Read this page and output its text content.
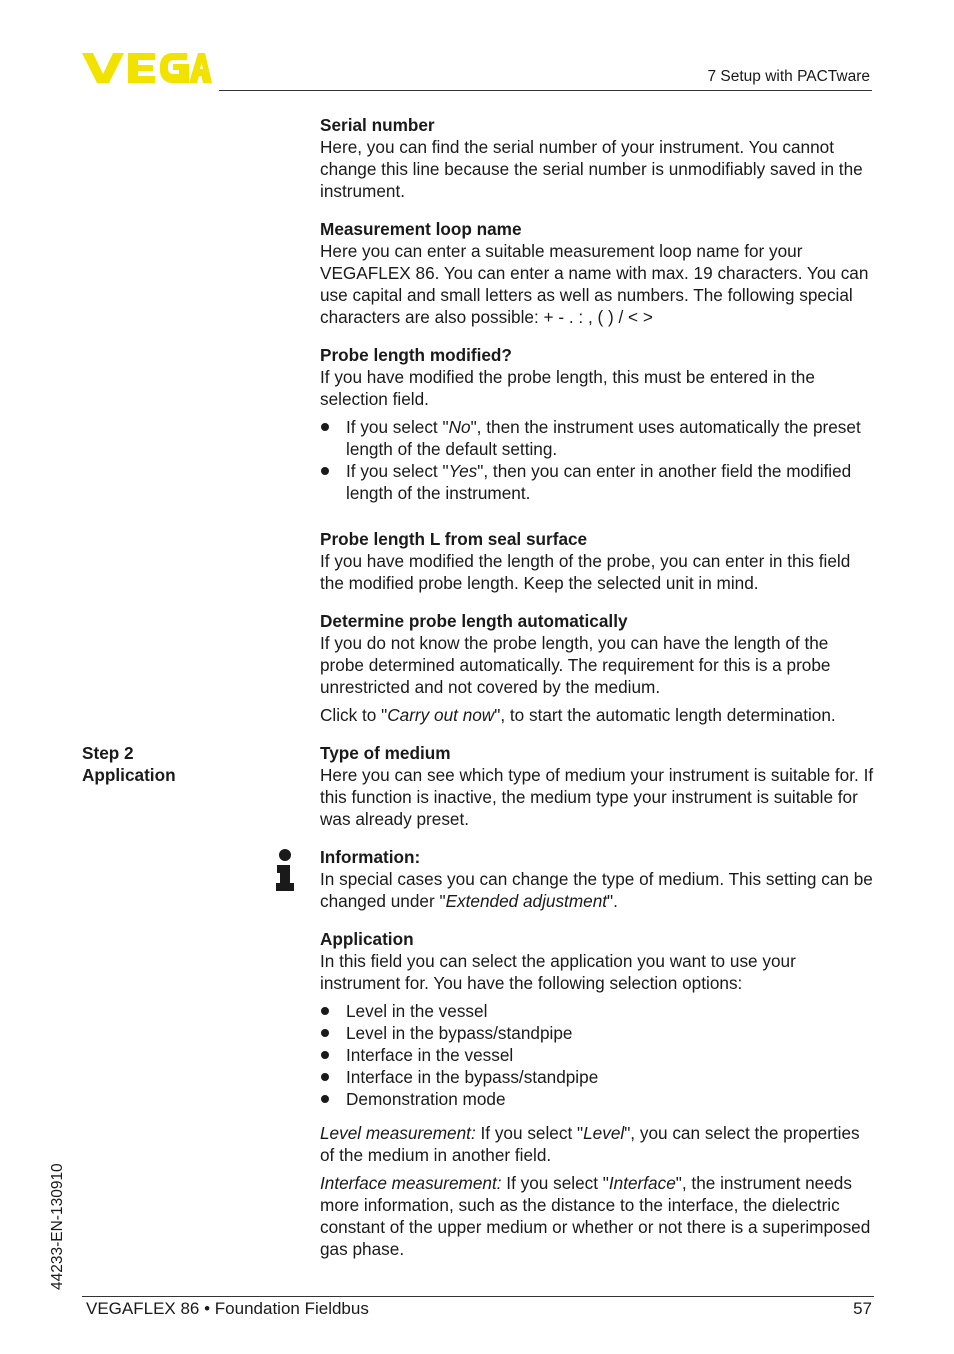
7 Setup with PACTware
Serial number

Here, you can find the serial number of your instrument. You cannot change this line because the serial number is unmodifiably saved in the instrument.

Measurement loop name

Here you can enter a suitable measurement loop name for your VEGAFLEX 86. You can enter a name with max. 19 characters. You can use capital and small letters as well as numbers. The following special characters are also possible: + - . : , ( ) / < >

Probe length modified?

If you have modified the probe length, this must be entered in the selection field.

If you select "No", then the instrument uses automatically the preset length of the default setting.
If you select "Yes", then you can enter in another field the modified length of the instrument.
Probe length L from seal surface

If you have modified the length of the probe, you can enter in this field the modified probe length. Keep the selected unit in mind.

Determine probe length automatically

If you do not know the probe length, you can have the length of the probe determined automatically. The requirement for this is a probe unrestricted and not covered by the medium.

Click to "Carry out now", to start the automatic length determination.

Type of medium

Here you can see which type of medium your instrument is suitable for. If this function is inactive, the medium type your instrument is suitable for was already preset.

Information:

In special cases you can change the type of medium. This setting can be changed under "Extended adjustment".

Application

In this field you can select the application you want to use your instrument for. You have the following selection options:

Level in the vessel
Level in the bypass/standpipe
Interface in the vessel
Interface in the bypass/standpipe
Demonstration mode

Level measurement: If you select "Level", you can select the properties of the medium in another field.

Interface measurement: If you select "Interface", the instrument needs more information, such as the distance to the interface, the dielectric constant of the upper medium or whether or not there is a superimposed gas phase.

Step 2
Application
44233-EN-130910
VEGAFLEX 86 • Foundation Fieldbus	57
